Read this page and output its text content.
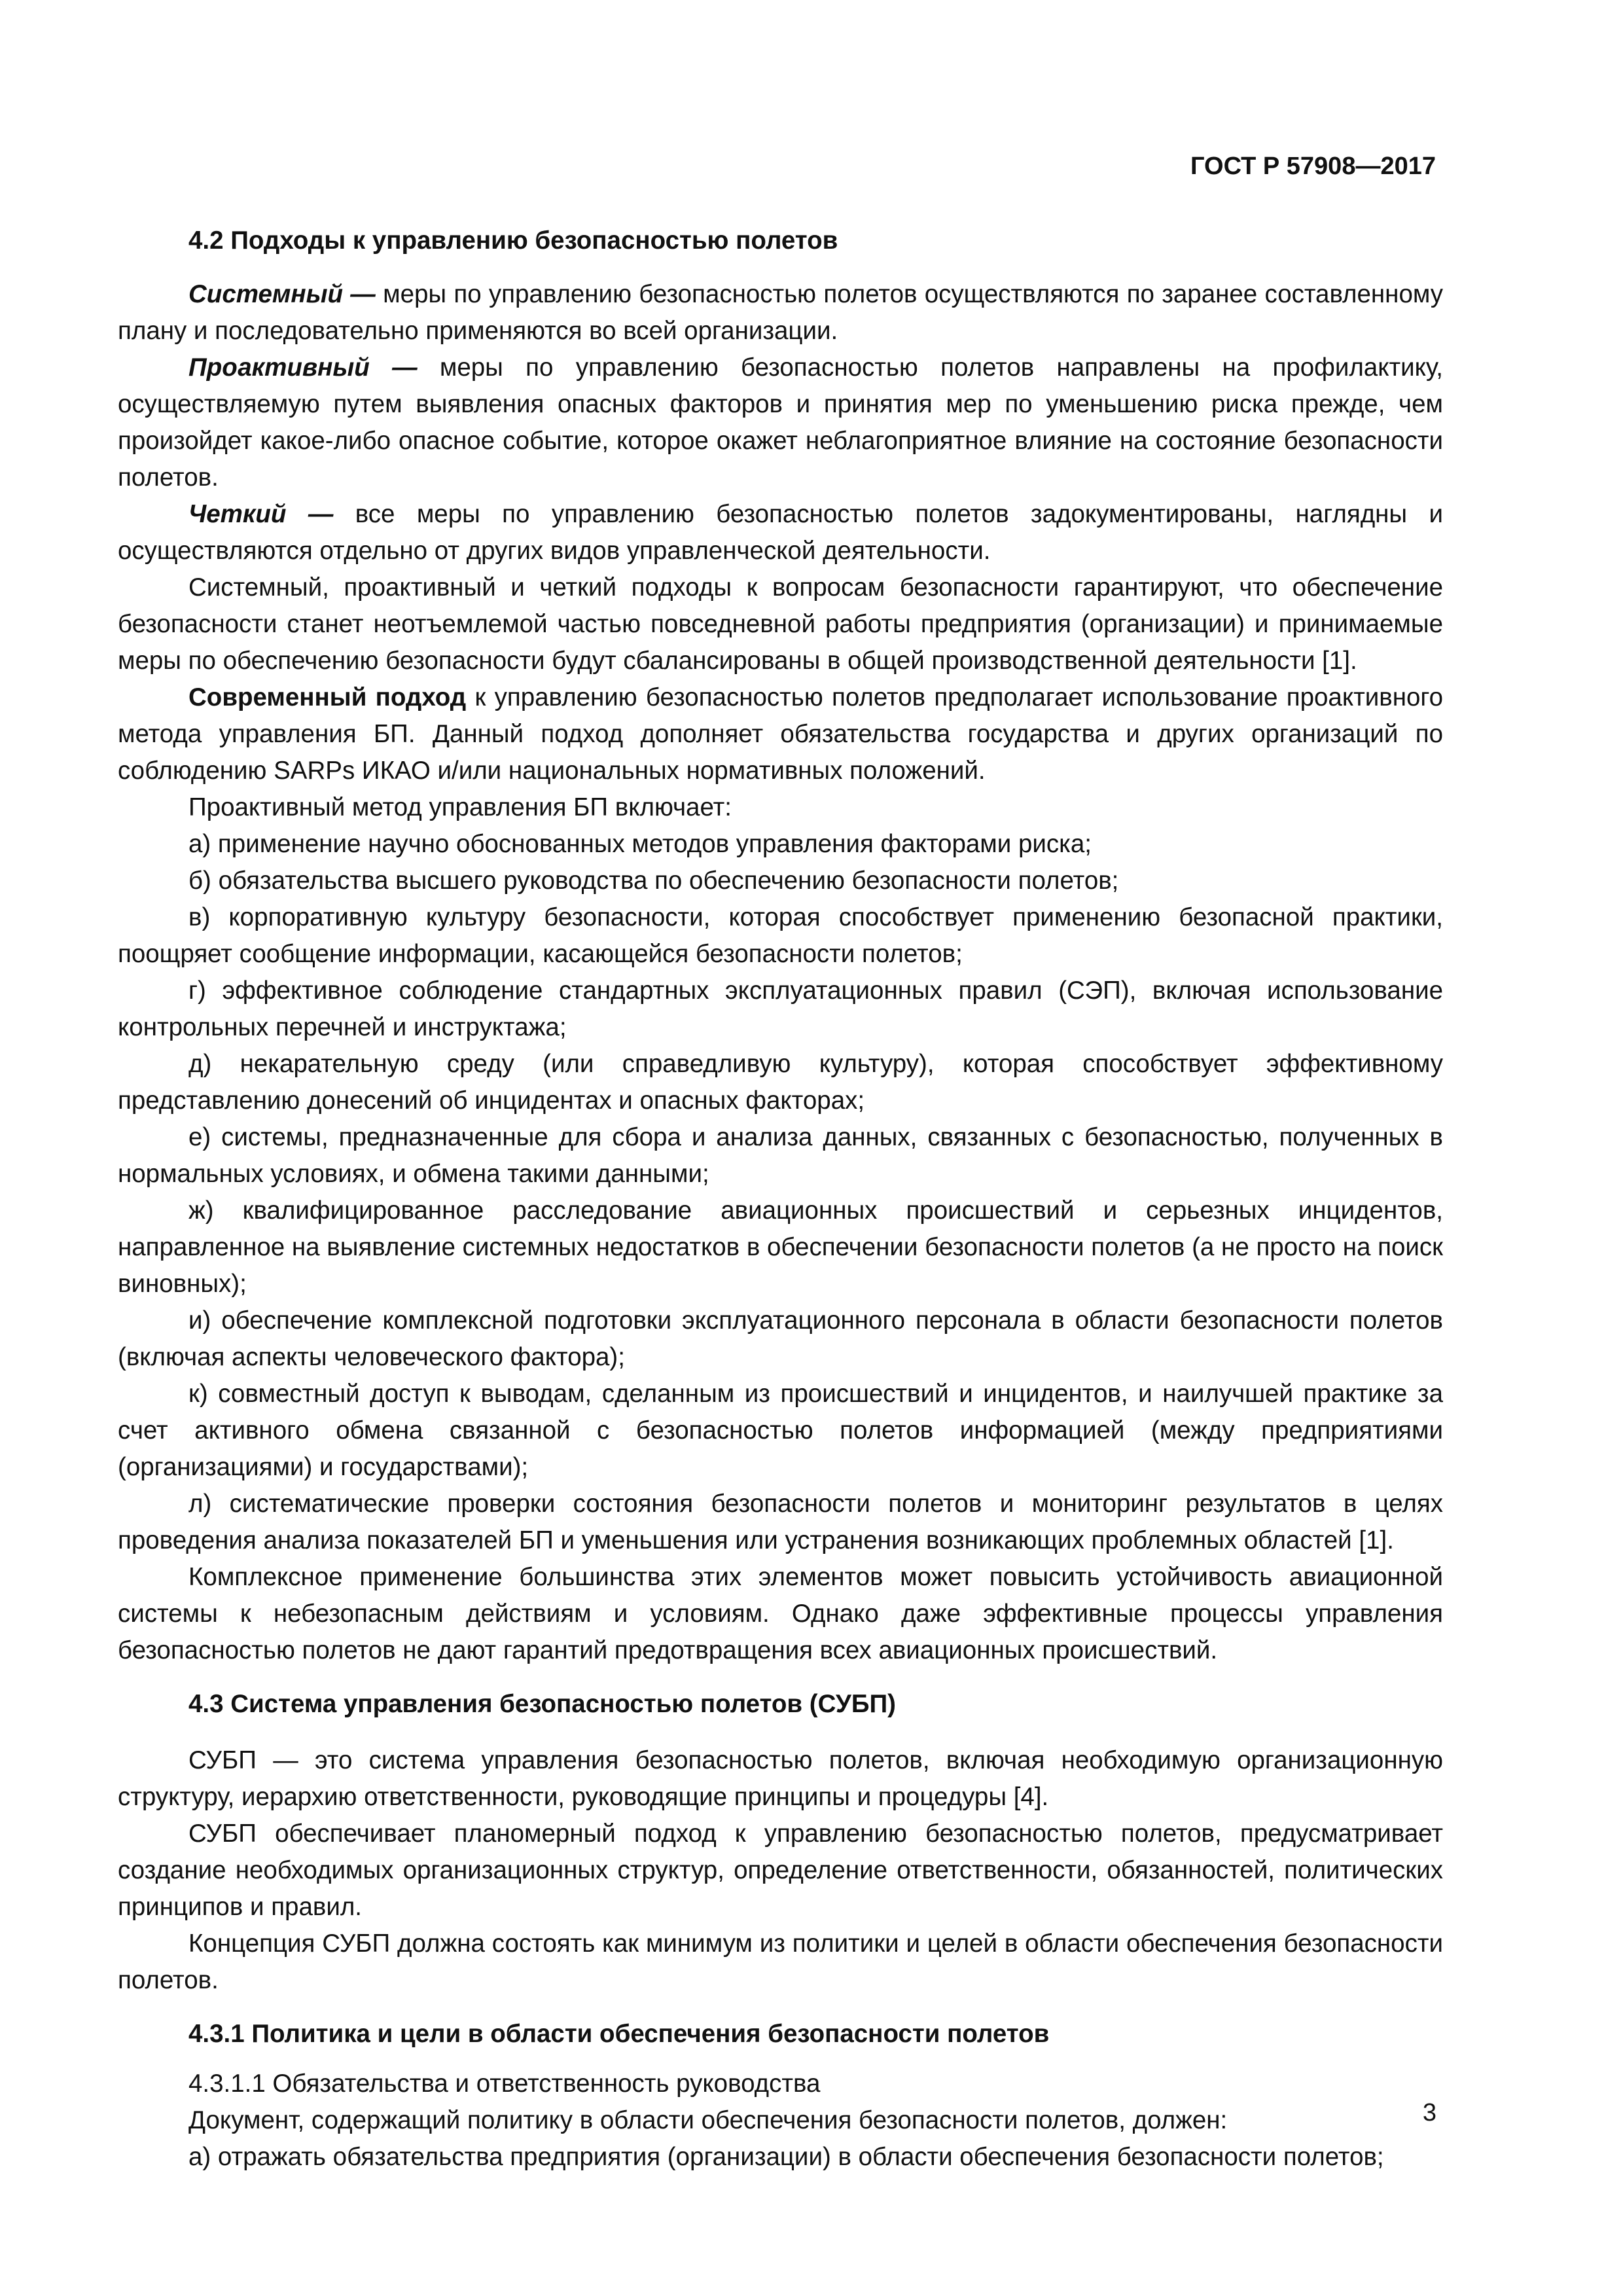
ГОСТ Р 57908—2017

4.2 Подходы к управлению безопасностью полетов

Системный — меры по управлению безопасностью полетов осуществляются по заранее составленному плану и последовательно применяются во всей организации.

Проактивный — меры по управлению безопасностью полетов направлены на профилактику, осуществляемую путем выявления опасных факторов и принятия мер по уменьшению риска прежде, чем произойдет какое-либо опасное событие, которое окажет неблагоприятное влияние на состояние безопасности полетов.

Четкий — все меры по управлению безопасностью полетов задокументированы, наглядны и осуществляются отдельно от других видов управленческой деятельности.

Системный, проактивный и четкий подходы к вопросам безопасности гарантируют, что обеспечение безопасности станет неотъемлемой частью повседневной работы предприятия (организации) и принимаемые меры по обеспечению безопасности будут сбалансированы в общей производственной деятельности [1].

Современный подход к управлению безопасностью полетов предполагает использование проактивного метода управления БП. Данный подход дополняет обязательства государства и других организаций по соблюдению SARPs ИКАО и/или национальных нормативных положений.

Проактивный метод управления БП включает:

а) применение научно обоснованных методов управления факторами риска;

б) обязательства высшего руководства по обеспечению безопасности полетов;

в) корпоративную культуру безопасности, которая способствует применению безопасной практики, поощряет сообщение информации, касающейся безопасности полетов;

г) эффективное соблюдение стандартных эксплуатационных правил (СЭП), включая использование контрольных перечней и инструктажа;

д) некарательную среду (или справедливую культуру), которая способствует эффективному представлению донесений об инцидентах и опасных факторах;

е) системы, предназначенные для сбора и анализа данных, связанных с безопасностью, полученных в нормальных условиях, и обмена такими данными;

ж) квалифицированное расследование авиационных происшествий и серьезных инцидентов, направленное на выявление системных недостатков в обеспечении безопасности полетов (а не просто на поиск виновных);

и) обеспечение комплексной подготовки эксплуатационного персонала в области безопасности полетов (включая аспекты человеческого фактора);

к) совместный доступ к выводам, сделанным из происшествий и инцидентов, и наилучшей практике за счет активного обмена связанной с безопасностью полетов информацией (между предприятиями (организациями) и государствами);

л) систематические проверки состояния безопасности полетов и мониторинг результатов в целях проведения анализа показателей БП и уменьшения или устранения возникающих проблемных областей [1].

Комплексное применение большинства этих элементов может повысить устойчивость авиационной системы к небезопасным действиям и условиям. Однако даже эффективные процессы управления безопасностью полетов не дают гарантий предотвращения всех авиационных происшествий.

4.3 Система управления безопасностью полетов (СУБП)

СУБП — это система управления безопасностью полетов, включая необходимую организационную структуру, иерархию ответственности, руководящие принципы и процедуры [4].

СУБП обеспечивает планомерный подход к управлению безопасностью полетов, предусматривает создание необходимых организационных структур, определение ответственности, обязанностей, политических принципов и правил.

Концепция СУБП должна состоять как минимум из политики и целей в области обеспечения безопасности полетов.

4.3.1 Политика и цели в области обеспечения безопасности полетов

4.3.1.1 Обязательства и ответственность руководства

Документ, содержащий политику в области обеспечения безопасности полетов, должен:

а) отражать обязательства предприятия (организации) в области обеспечения безопасности полетов;

3
